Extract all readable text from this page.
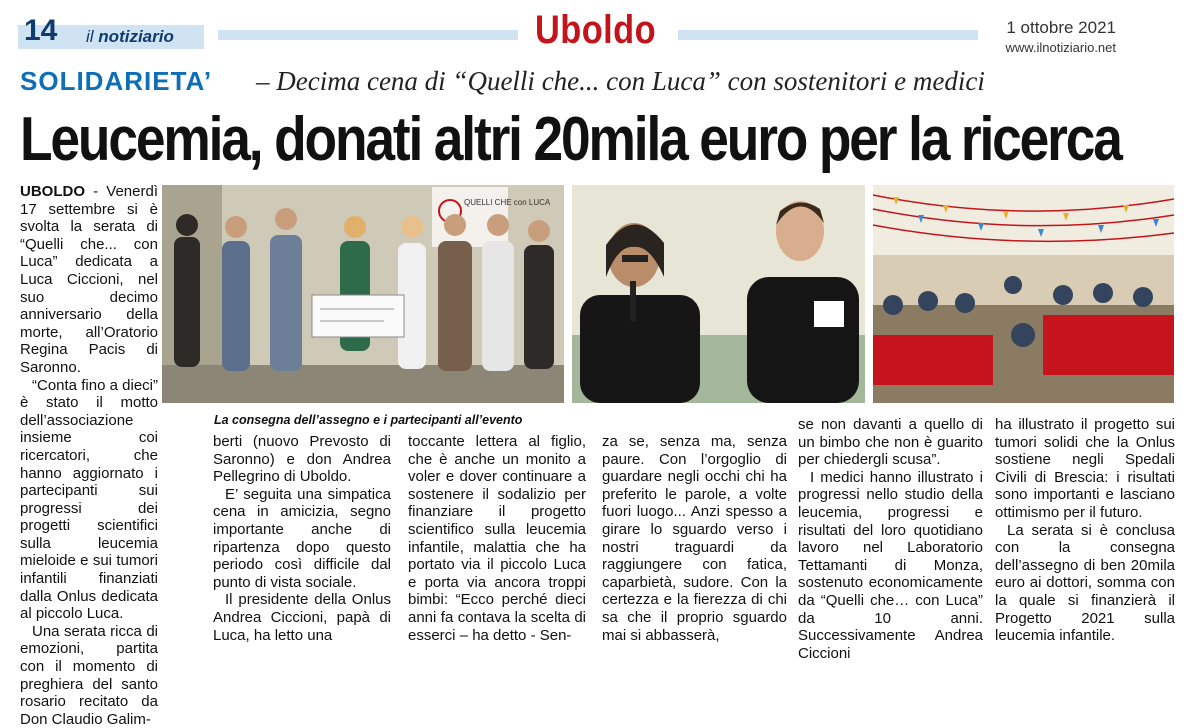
14 il notiziario	Uboldo	1 ottobre 2021
www.ilnotiziario.net
SOLIDARIETA’ – Decima cena di “Quelli che... con Luca” con sostenitori e medici
Leucemia, donati altri 20mila euro per la ricerca
QUELLI CHE con LUCA
La consegna dell’assegno e i partecipanti all’evento

UBOLDO - Venerdì 17 settembre si è svolta la serata di “Quelli che... con Luca” dedicata a Luca Ciccioni, nel suo decimo anniversario della morte, all’Oratorio Regina Pacis di Saronno.

“Conta fino a dieci” è stato il motto dell’associazione insieme coi ricercatori, che hanno aggiornato i partecipanti sui progressi dei progetti scientifici sulla leucemia mieloide e sui tumori infantili finanziati dalla Onlus dedicata al piccolo Luca.

Una serata ricca di emozioni, partita con il momento di preghiera del santo rosario recitato da Don Claudio Galim-

berti (nuovo Prevosto di Saronno) e don Andrea Pellegrino di Uboldo.

E’ seguita una simpatica cena in amicizia, segno importante anche di ripartenza dopo questo periodo così difficile dal punto di vista sociale.

Il presidente della Onlus Andrea Ciccioni, papà di Luca, ha letto una

toccante lettera al figlio, che è anche un monito a voler e dover continuare a sostenere il sodalizio per finanziare il progetto scientifico sulla leucemia infantile, malattia che ha portato via il piccolo Luca e porta via ancora troppi bimbi: “Ecco perché dieci anni fa contava la scelta di esserci – ha detto - Sen-

za se, senza ma, senza paure. Con l’orgoglio di guardare negli occhi chi ha preferito le parole, a volte fuori luogo... Anzi spesso a girare lo sguardo verso i nostri traguardi da raggiungere con fatica, caparbietà, sudore. Con la certezza e la fierezza di chi sa che il proprio sguardo mai si abbasserà,

se non davanti a quello di un bimbo che non è guarito per chiedergli scusa”.

I medici hanno illustrato i progressi nello studio della leucemia, progressi e risultati del loro quotidiano lavoro nel Laboratorio Tettamanti di Monza, sostenuto economicamente da “Quelli che… con Luca” da 10 anni. Successivamente Andrea Ciccioni

ha illustrato il progetto sui tumori solidi che la Onlus sostiene negli Spedali Civili di Brescia: i risultati sono importanti e lasciano ottimismo per il futuro.

La serata si è conclusa con la consegna dell’assegno di ben 20mila euro ai dottori, somma con la quale si finanzierà il Progetto 2021 sulla leucemia infantile.
